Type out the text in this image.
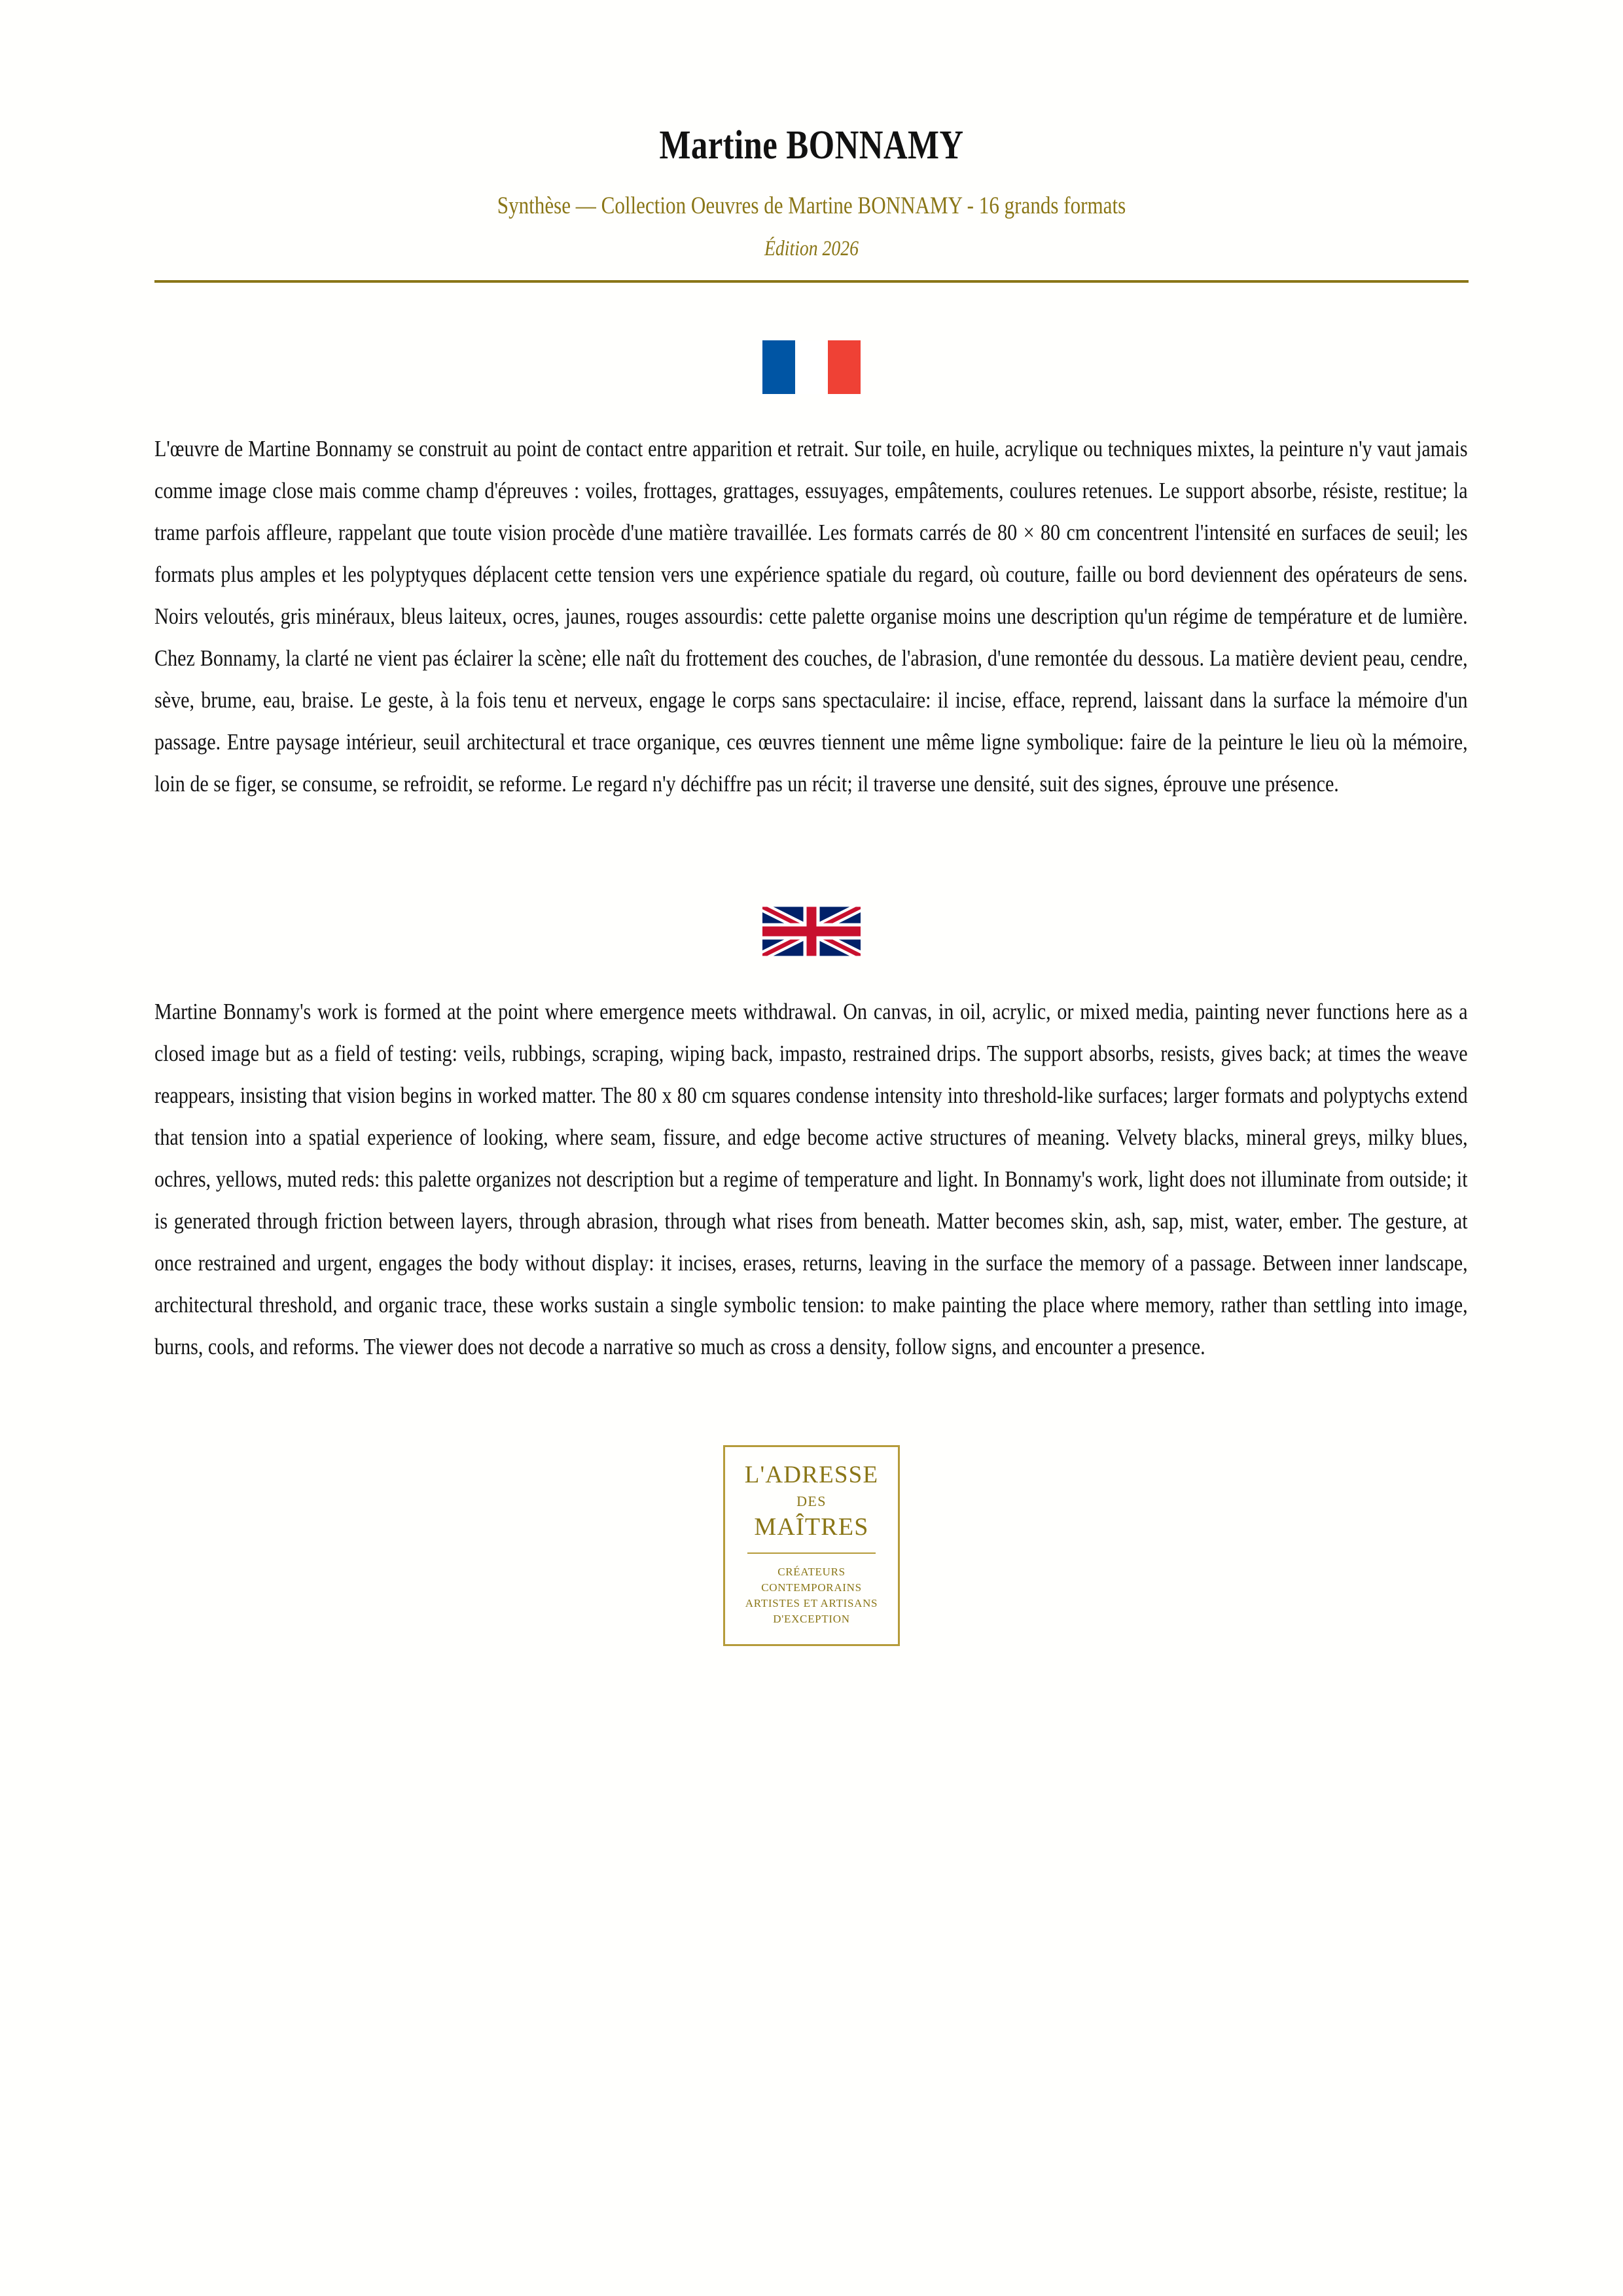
Martine BONNAMY
Synthèse — Collection Oeuvres de Martine BONNAMY - 16 grands formats
Édition 2026
L'œuvre de Martine Bonnamy se construit au point de contact entre apparition et retrait. Sur toile, en huile, acrylique ou techniques mixtes, la peinture n'y vaut jamais comme image close mais comme champ d'épreuves : voiles, frottages, grattages, essuyages, empâtements, coulures retenues. Le support absorbe, résiste, restitue; la trame parfois affleure, rappelant que toute vision procède d'une matière travaillée. Les formats carrés de 80 × 80 cm concentrent l'intensité en surfaces de seuil; les formats plus amples et les polyptyques déplacent cette tension vers une expérience spatiale du regard, où couture, faille ou bord deviennent des opérateurs de sens. Noirs veloutés, gris minéraux, bleus laiteux, ocres, jaunes, rouges assourdis: cette palette organise moins une description qu'un régime de température et de lumière. Chez Bonnamy, la clarté ne vient pas éclairer la scène; elle naît du frottement des couches, de l'abrasion, d'une remontée du dessous. La matière devient peau, cendre, sève, brume, eau, braise. Le geste, à la fois tenu et nerveux, engage le corps sans spectaculaire: il incise, efface, reprend, laissant dans la surface la mémoire d'un passage. Entre paysage intérieur, seuil architectural et trace organique, ces œuvres tiennent une même ligne symbolique: faire de la peinture le lieu où la mémoire, loin de se figer, se consume, se refroidit, se reforme. Le regard n'y déchiffre pas un récit; il traverse une densité, suit des signes, éprouve une présence.
Martine Bonnamy's work is formed at the point where emergence meets withdrawal. On canvas, in oil, acrylic, or mixed media, painting never functions here as a closed image but as a field of testing: veils, rubbings, scraping, wiping back, impasto, restrained drips. The support absorbs, resists, gives back; at times the weave reappears, insisting that vision begins in worked matter. The 80 x 80 cm squares condense intensity into threshold-like surfaces; larger formats and polyptychs extend that tension into a spatial experience of looking, where seam, fissure, and edge become active structures of meaning. Velvety blacks, mineral greys, milky blues, ochres, yellows, muted reds: this palette organizes not description but a regime of temperature and light. In Bonnamy's work, light does not illuminate from outside; it is generated through friction between layers, through abrasion, through what rises from beneath. Matter becomes skin, ash, sap, mist, water, ember. The gesture, at once restrained and urgent, engages the body without display: it incises, erases, returns, leaving in the surface the memory of a passage. Between inner landscape, architectural threshold, and organic trace, these works sustain a single symbolic tension: to make painting the place where memory, rather than settling into image, burns, cools, and reforms. The viewer does not decode a narrative so much as cross a density, follow signs, and encounter a presence.
L'ADRESSE
DES
MAÎTRES
CRÉATEURS CONTEMPORAINS
ARTISTES ET ARTISANS
D'EXCEPTION
